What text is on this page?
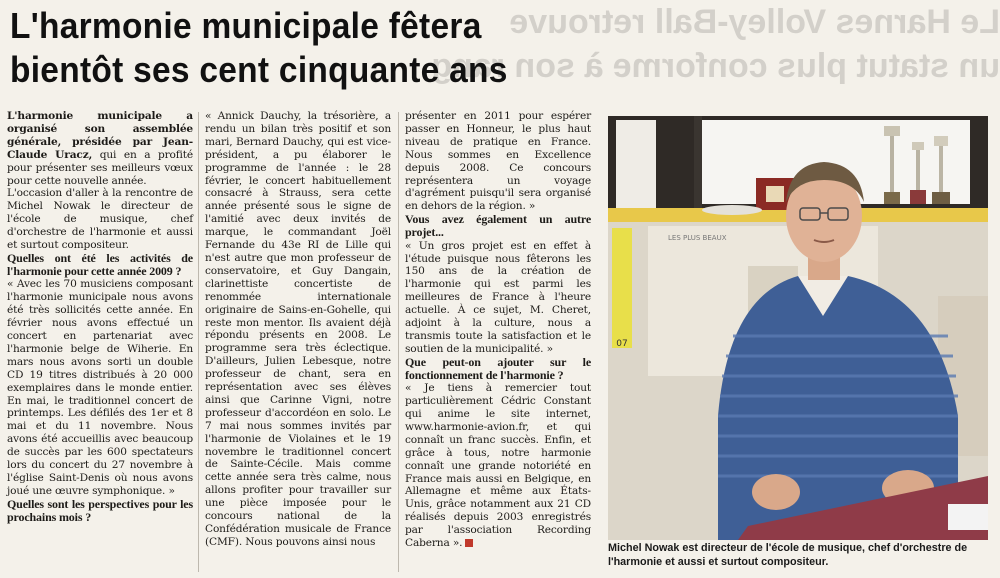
Le Harnes Volley-Ball retrouve
un statut plus conforme à son rang
L'harmonie municipale fêtera
bientôt ses cent cinquante ans

L'harmonie municipale a organisé son assemblée générale, présidée par Jean-Claude Uracz, qui en a profité pour présenter ses meilleurs vœux pour cette nouvelle année.

L'occasion d'aller à la rencontre de Michel Nowak le directeur de l'école de musique, chef d'orchestre de l'harmonie et aussi et surtout compositeur.

Quelles ont été les activités de l'harmonie pour cette année 2009 ?

« Avec les 70 musiciens composant l'harmonie municipale nous avons été très sollicités cette année. En février nous avons effectué un concert en partenariat avec l'harmonie belge de Wiherie. En mars nous avons sorti un double CD 19 titres distribués à 20 000 exemplaires dans le monde entier. En mai, le traditionnel concert de printemps. Les défilés des 1er et 8 mai et du 11 novembre. Nous avons été accueillis avec beaucoup de succès par les 600 spectateurs lors du concert du 27 novembre à l'église Saint-Denis où nous avons joué une œuvre symphonique. »

Quelles sont les perspectives pour les prochains mois ?

« Annick Dauchy, la trésorière, a rendu un bilan très positif et son mari, Bernard Dauchy, qui est vice-président, a pu élaborer le programme de l'année : le 28 février, le concert habituellement consacré à Strauss, sera cette année présenté sous le signe de l'amitié avec deux invités de marque, le commandant Joël Fernande du 43e RI de Lille qui n'est autre que mon professeur de conservatoire, et Guy Dangain, clarinettiste concertiste de renommée internationale originaire de Sains-en-Gohelle, qui reste mon mentor. Ils avaient déjà répondu présents en 2008. Le programme sera très éclectique. D'ailleurs, Julien Lebesque, notre professeur de chant, sera en représentation avec ses élèves ainsi que Carinne Vigni, notre professeur d'accordéon en solo. Le 7 mai nous sommes invités par l'harmonie de Violaines et le 19 novembre le traditionnel concert de Sainte-Cécile. Mais comme cette année sera très calme, nous allons profiter pour travailler sur une pièce imposée pour le concours national de la Confédération musicale de France (CMF). Nous pouvons ainsi nous

présenter en 2011 pour espérer passer en Honneur, le plus haut niveau de pratique en France. Nous sommes en Excellence depuis 2008. Ce concours représentera un voyage d'agrément puisqu'il sera organisé en dehors de la région. »

Vous avez également un autre projet...

« Un gros projet est en effet à l'étude puisque nous fêterons les 150 ans de la création de l'harmonie qui est parmi les meilleures de France à l'heure actuelle. À ce sujet, M. Cheret, adjoint à la culture, nous a transmis toute la satisfaction et le soutien de la municipalité. »

Que peut-on ajouter sur le fonctionnement de l'harmonie ?

« Je tiens à remercier tout particulièrement Cédric Constant qui anime le site internet, www.harmonie-avion.fr, et qui connaît un franc succès. Enfin, et grâce à tous, notre harmonie connaît une grande notoriété en France mais aussi en Belgique, en Allemagne et même aux États-Unis, grâce notamment aux 21 CD réalisés depuis 2003 enregistrés par l'association Recording Caberna ».

07
LES PLUS BEAUX
Michel Nowak est directeur de l'école de musique, chef d'orchestre de l'harmonie et aussi et surtout compositeur.
